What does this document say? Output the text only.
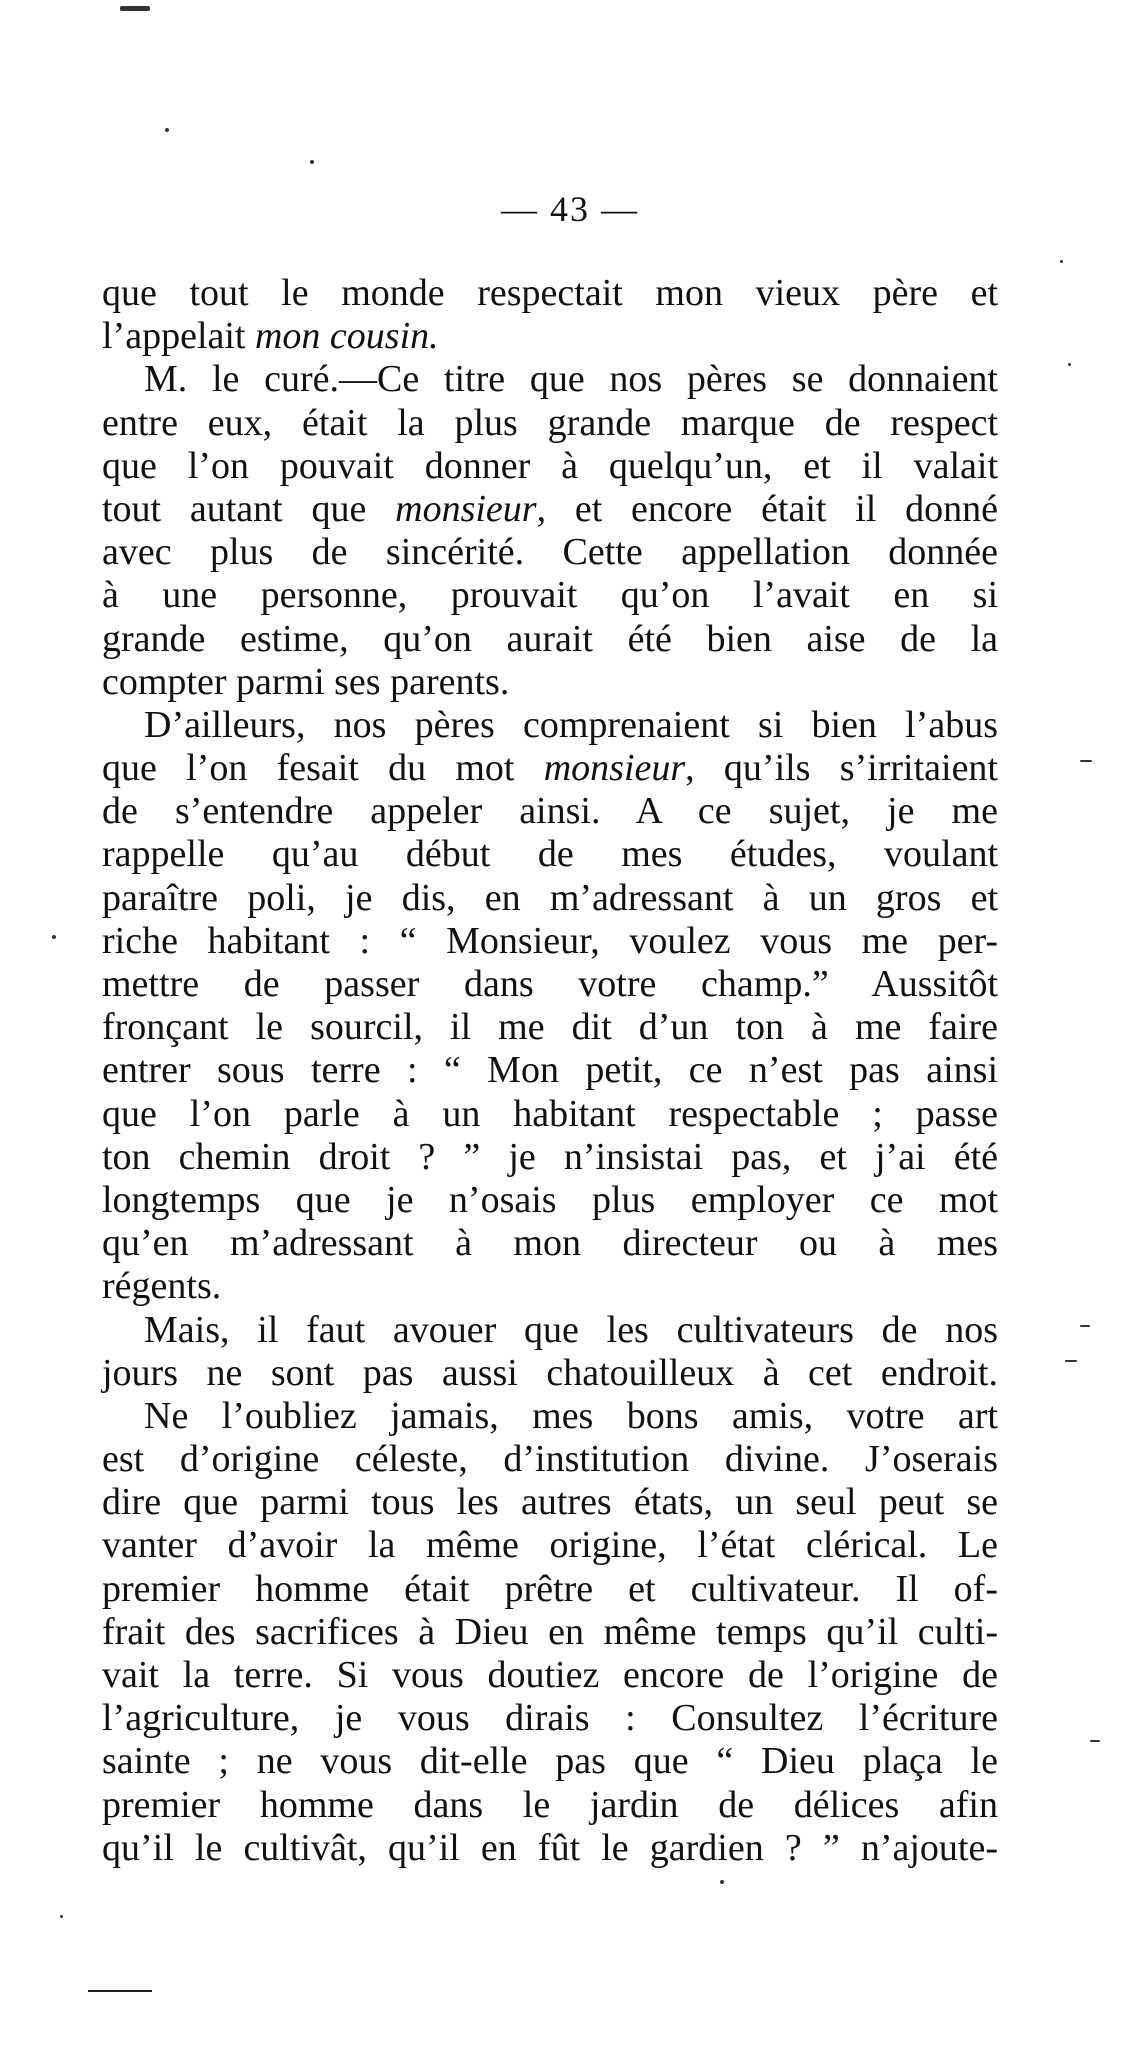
— 43 —
que tout le monde respectait mon vieux père et
l’appelait mon cousin.
M. le curé.—Ce titre que nos pères se donnaient
entre eux, était la plus grande marque de respect
que l’on pouvait donner à quelqu’un, et il valait
tout autant que monsieur, et encore était il donné
avec plus de sincérité. Cette appellation donnée
à une personne, prouvait qu’on l’avait en si
grande estime, qu’on aurait été bien aise de la
compter parmi ses parents.
D’ailleurs, nos pères comprenaient si bien l’abus
que l’on fesait du mot monsieur, qu’ils s’irritaient
de s’entendre appeler ainsi. A ce sujet, je me
rappelle qu’au début de mes études, voulant
paraître poli, je dis, en m’adressant à un gros et
riche habitant : “ Monsieur, voulez vous me per-
mettre de passer dans votre champ.” Aussitôt
fronçant le sourcil, il me dit d’un ton à me faire
entrer sous terre : “ Mon petit, ce n’est pas ainsi
que l’on parle à un habitant respectable ; passe
ton chemin droit ? ” je n’insistai pas, et j’ai été
longtemps que je n’osais plus employer ce mot
qu’en m’adressant à mon directeur ou à mes
régents.
Mais, il faut avouer que les cultivateurs de nos
jours ne sont pas aussi chatouilleux à cet endroit.
Ne l’oubliez jamais, mes bons amis, votre art
est d’origine céleste, d’institution divine. J’oserais
dire que parmi tous les autres états, un seul peut se
vanter d’avoir la même origine, l’état clérical. Le
premier homme était prêtre et cultivateur. Il of-
frait des sacrifices à Dieu en même temps qu’il culti-
vait la terre. Si vous doutiez encore de l’origine de
l’agriculture, je vous dirais : Consultez l’écriture
sainte ; ne vous dit-elle pas que “ Dieu plaça le
premier homme dans le jardin de délices afin
qu’il le cultivât, qu’il en fût le gardien ? ” n’ajoute-
